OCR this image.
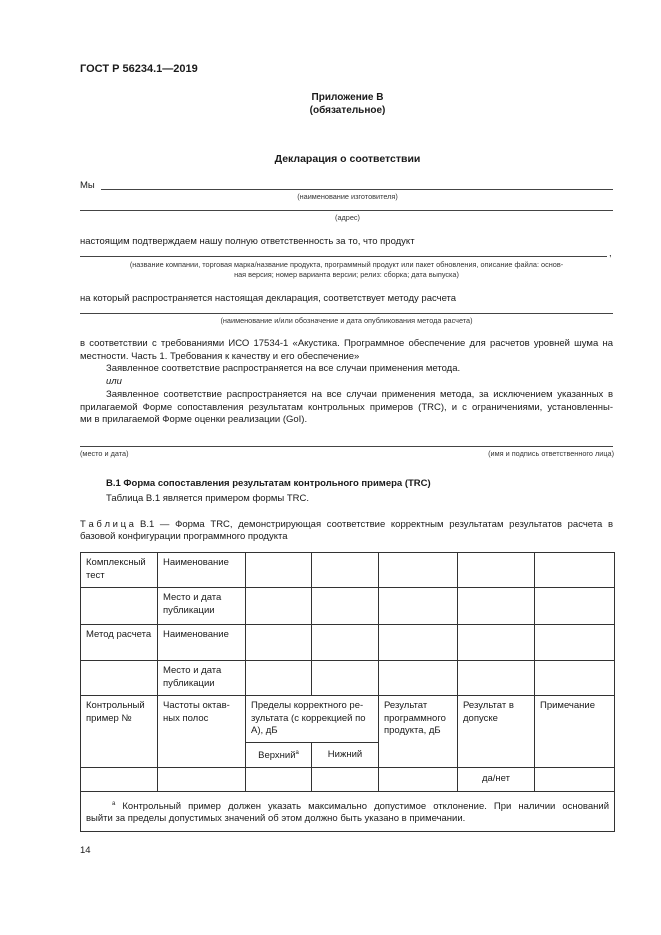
ГОСТ Р 56234.1—2019
Приложение В
(обязательное)
Декларация о соответствии
Мы
(наименование изготовителя)
(адрес)
настоящим подтверждаем нашу полную ответственность за то, что продукт
,
(название компании, торговая марка/название продукта, программный продукт или пакет обновления, описание файла: основ-
ная версия; номер варианта версии; релиз: сборка; дата выпуска)
на который распространяется настоящая декларация, соответствует методу расчета
(наименование и/или обозначение и дата опубликования метода расчета)
в соответствии с требованиями ИСО 17534-1 «Акустика. Программное обеспечение для расчетов уровней шума на
местности. Часть 1. Требования к качеству и его обеспечение»
Заявленное соответствие распространяется на все случаи применения метода.
или
Заявленное соответствие распространяется на все случаи применения метода, за исключением указанных в
прилагаемой Форме сопоставления результатам контрольных примеров (TRC), и с ограничениями, установленны-
ми в прилагаемой Форме оценки реализации (GoI).
(место и дата)	(имя и подпись ответственного лица)
В.1 Форма сопоставления результатам контрольного примера (TRC)
Таблица В.1 является примером формы TRC.
Т а б л и ц а В.1 — Форма TRC, демонстрирующая соответствие корректным результатам результатов расчета в
базовой конфигурации программного продукта
Комплексный тест	Наименование					
	Место и дата публикации					
Метод расчета	Наименование					
	Место и дата публикации					
Контрольный пример №	Частоты октав-ных полос	Пределы корректного ре-зультата (с коррекцией по А), дБ		Результат программного продукта, дБ	Результат в допуске	Примечание
		Верхний$^а$	Нижний			
					да/нет	

$^а$ Контрольный пример должен указать максимально допустимое отклонение. При наличии оснований
выйти за пределы допустимых значений об этом должно быть указано в примечании.						
14
